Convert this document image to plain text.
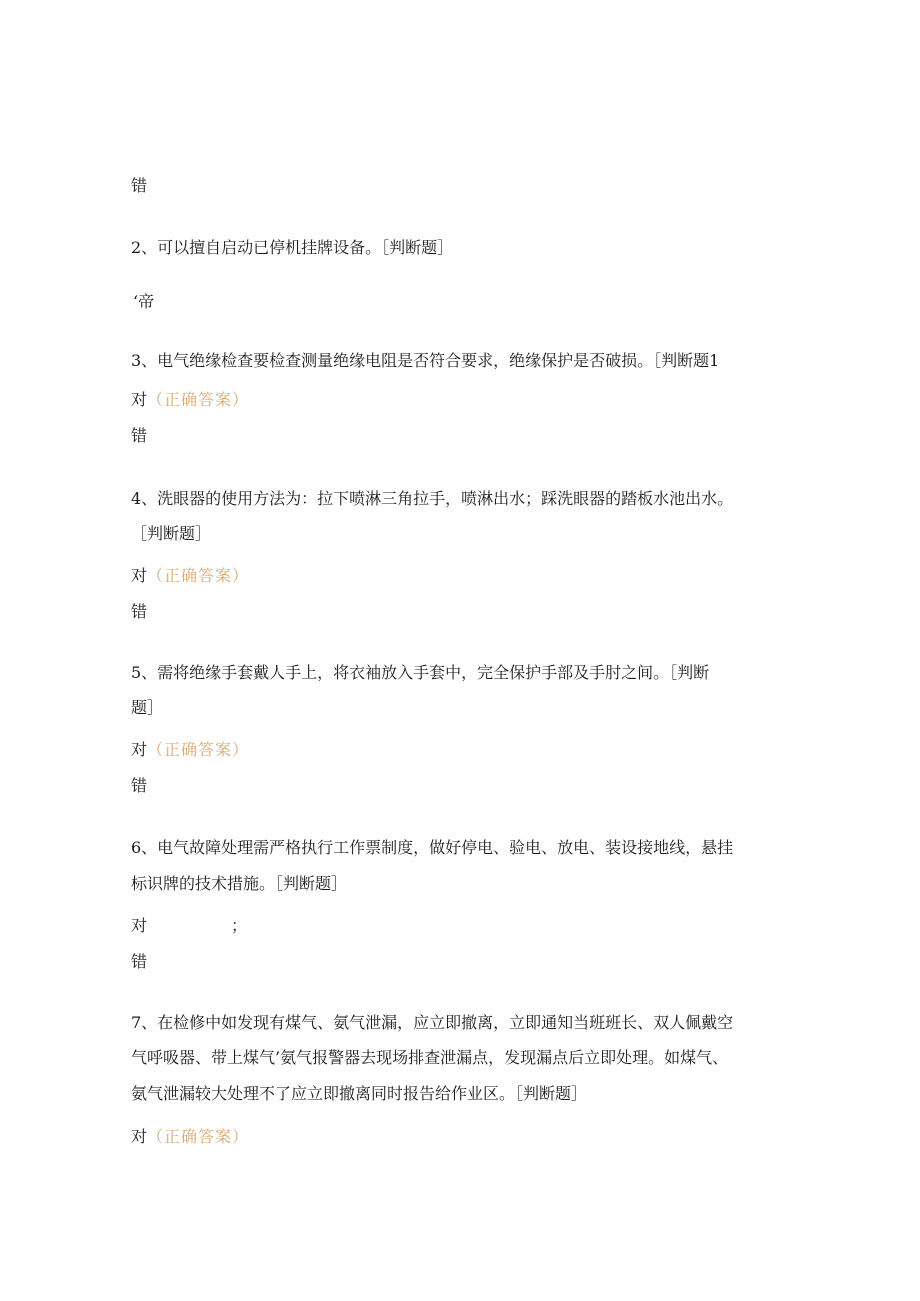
错
2、可以擅自启动已停机挂牌设备。［判断题］
‘帝
3、电气绝缘检查要检查测量绝缘电阻是否符合要求，绝缘保护是否破损。［判断题1
对（正确答案）
错
4、洗眼器的使用方法为：拉下喷淋三角拉手，喷淋出水；踩洗眼器的踏板水池出水。
［判断题］
对（正确答案）
错
5、需将绝缘手套戴人手上，将衣袖放入手套中，完全保护手部及手肘之间。［判断
题］
对（正确答案）
错
6、电气故障处理需严格执行工作票制度，做好停电、验电、放电、装设接地线，悬挂
标识牌的技术措施。［判断题］
对	；
错
7、在检修中如发现有煤气、氨气泄漏，应立即撤离，立即通知当班班长、双人佩戴空
气呼吸器、带上煤气’氨气报警器去现场排查泄漏点，发现漏点后立即处理。如煤气、
氨气泄漏较大处理不了应立即撤离同时报告给作业区。［判断题］
对（正确答案）
